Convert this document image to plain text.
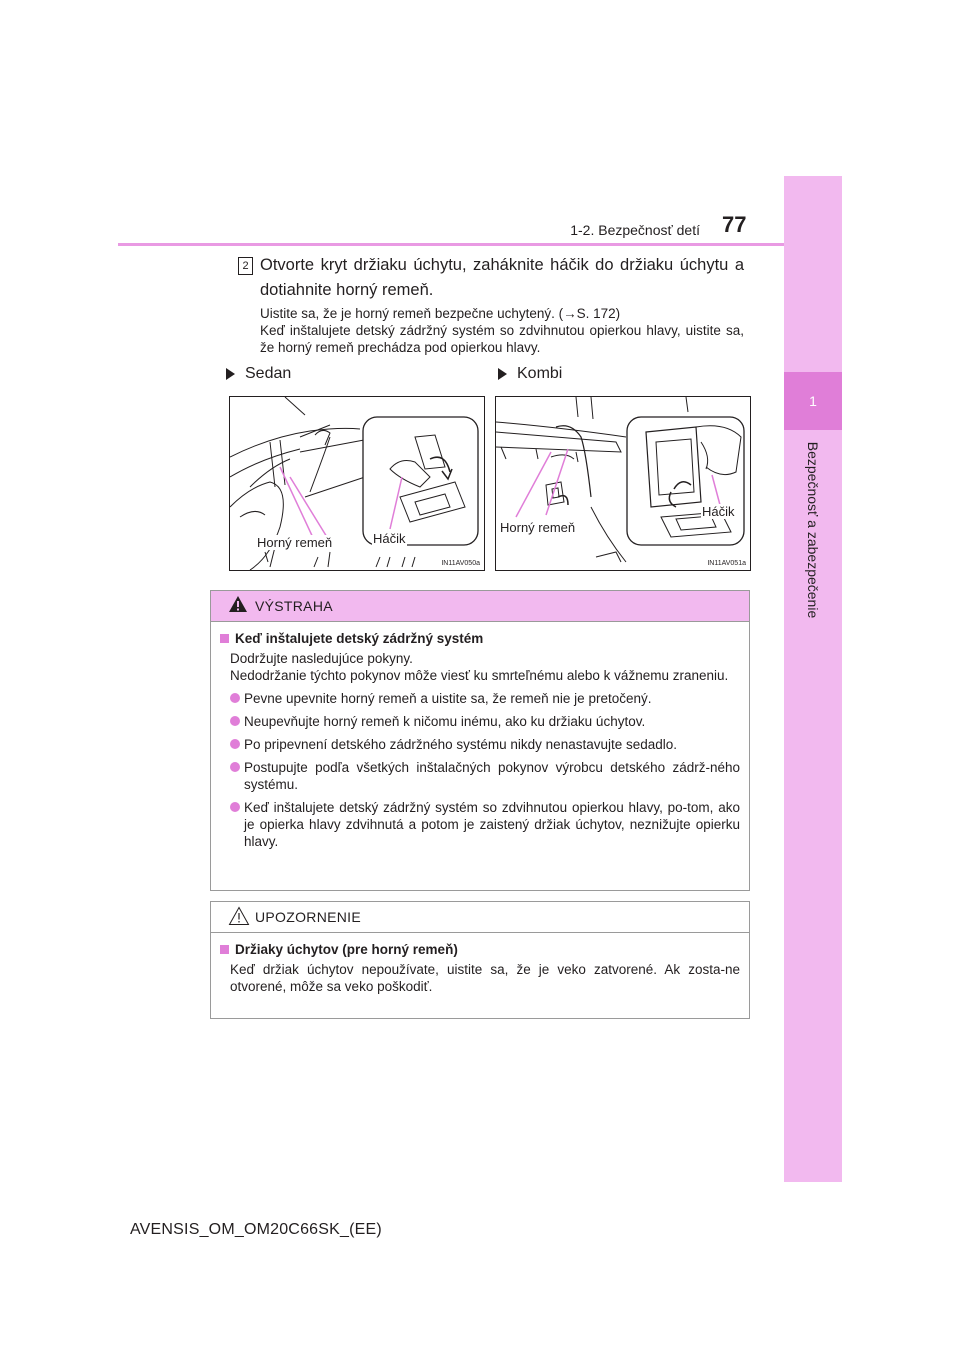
1
Bezpečnosť a zabezpečenie
1-2. Bezpečnosť detí 77
2 Otvorte kryt držiaku úchytu, zaháknite háčik do držiaku úchytu a dotiahnite horný remeň.
Uistite sa, že je horný remeň bezpečne uchytený. (→S. 172)
Keď inštalujete detský zádržný systém so zdvihnutou opierkou hlavy, uistite sa, že horný remeň prechádza pod opierkou hlavy.
Sedan	Kombi
Horný remeň	Háčik
IN11AV050a
Horný remeň
Háčik
IN11AV051a
VÝSTRAHA
Keď inštalujete detský zádržný systém
Dodržujte nasledujúce pokyny.
Nedodržanie týchto pokynov môže viesť ku smrteľnému alebo k vážnemu zraneniu.
Pevne upevnite horný remeň a uistite sa, že remeň nie je pretočený.
Neupevňujte horný remeň k ničomu inému, ako ku držiaku úchytov.
Po pripevnení detského zádržného systému nikdy nenastavujte sedadlo.
Postupujte podľa všetkých inštalačných pokynov výrobcu detského zádrž-ného systému.
Keď inštalujete detský zádržný systém so zdvihnutou opierkou hlavy, po-tom, ako je opierka hlavy zdvihnutá a potom je zaistený držiak úchytov, neznižujte opierku hlavy.
UPOZORNENIE
Držiaky úchytov (pre horný remeň)
Keď držiak úchytov nepoužívate, uistite sa, že je veko zatvorené. Ak zosta-ne otvorené, môže sa veko poškodiť.
AVENSIS_OM_OM20C66SK_(EE)
